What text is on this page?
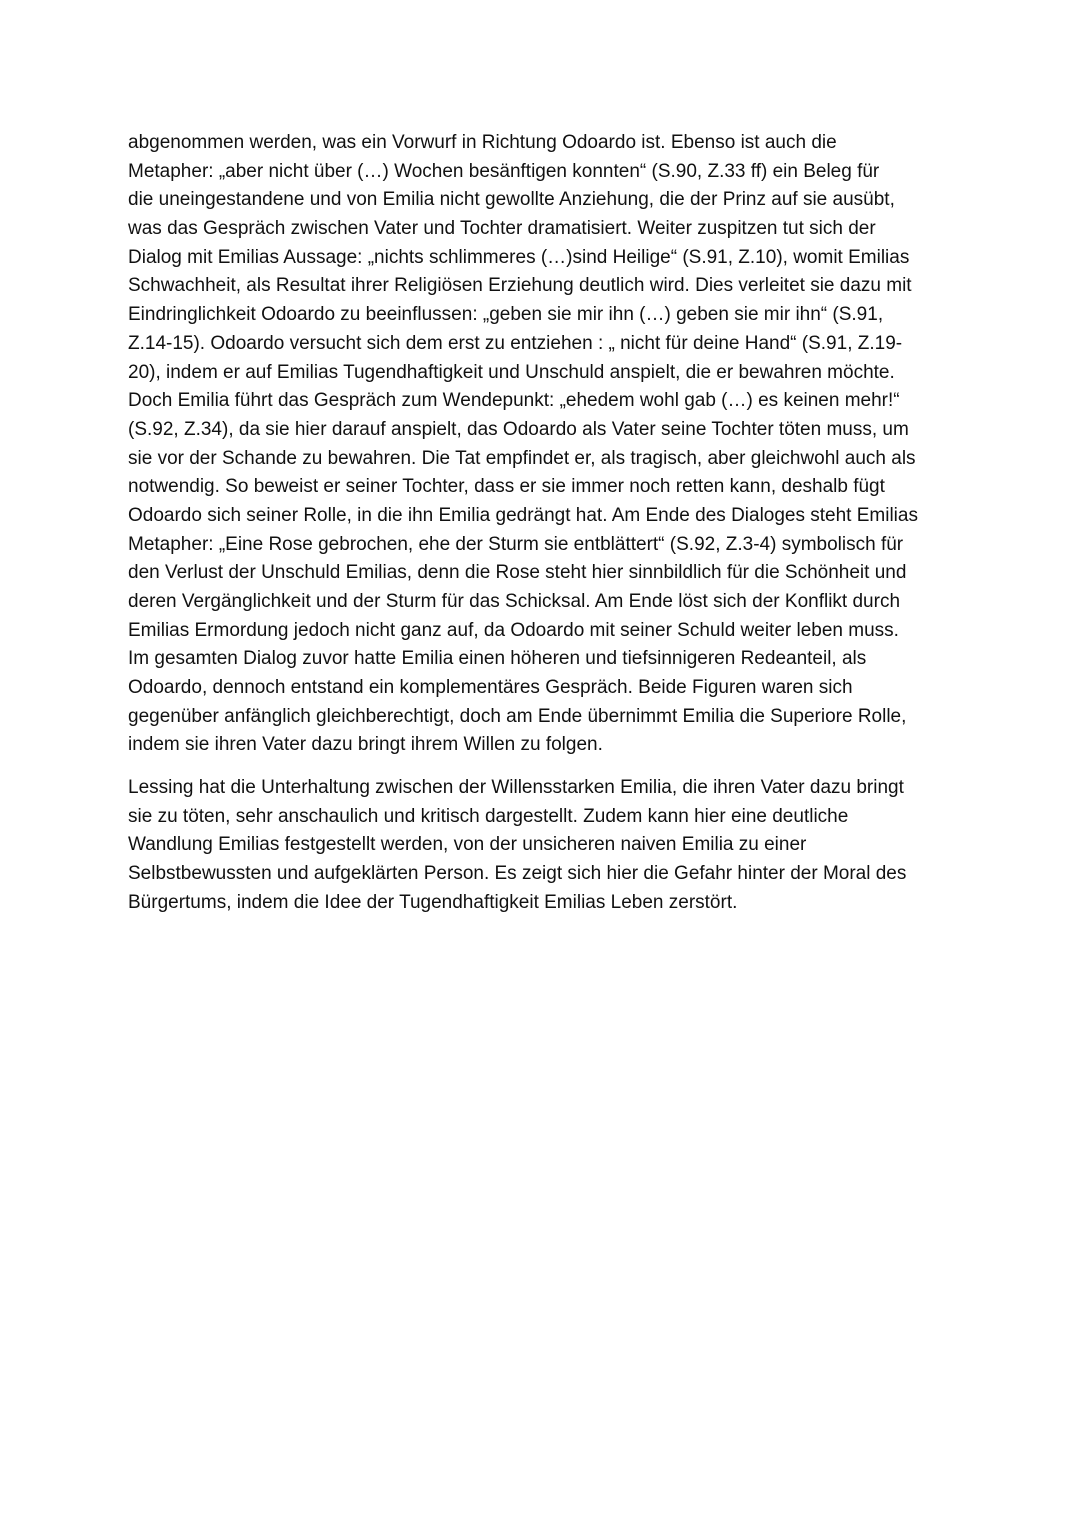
abgenommen werden, was ein Vorwurf in Richtung Odoardo ist. Ebenso ist auch die
Metapher: „aber nicht über (…) Wochen besänftigen konnten“ (S.90, Z.33 ff) ein Beleg für
die uneingestandene und von Emilia nicht gewollte Anziehung, die der Prinz auf sie ausübt,
was das Gespräch zwischen Vater und Tochter dramatisiert. Weiter zuspitzen tut sich der
Dialog mit Emilias Aussage: „nichts schlimmeres (…)sind Heilige“ (S.91, Z.10), womit Emilias
Schwachheit, als Resultat ihrer Religiösen Erziehung deutlich wird. Dies verleitet sie dazu mit
Eindringlichkeit Odoardo zu beeinflussen: „geben sie mir ihn (…) geben sie mir ihn“ (S.91,
Z.14-15). Odoardo versucht sich dem erst zu entziehen : „ nicht für deine Hand“ (S.91, Z.19-
20), indem er auf Emilias Tugendhaftigkeit und Unschuld anspielt, die er bewahren möchte.
Doch Emilia führt das Gespräch zum Wendepunkt: „ehedem wohl gab (…) es keinen mehr!“
(S.92, Z.34), da sie hier darauf anspielt, das Odoardo als Vater seine Tochter töten muss, um
sie vor der Schande zu bewahren. Die Tat empfindet er, als tragisch, aber gleichwohl auch als
notwendig. So beweist er seiner Tochter, dass er sie immer noch retten kann, deshalb fügt
Odoardo sich seiner Rolle, in die ihn Emilia gedrängt hat. Am Ende des Dialoges steht Emilias
Metapher: „Eine Rose gebrochen, ehe der Sturm sie entblättert“ (S.92, Z.3-4) symbolisch für
den Verlust der Unschuld Emilias, denn die Rose steht hier sinnbildlich für die Schönheit und
deren Vergänglichkeit und der Sturm für das Schicksal. Am Ende löst sich der Konflikt durch
Emilias Ermordung jedoch nicht ganz auf, da Odoardo mit seiner Schuld weiter leben muss.
Im gesamten Dialog zuvor hatte Emilia einen höheren und tiefsinnigeren Redeanteil, als
Odoardo, dennoch entstand ein komplementäres Gespräch. Beide Figuren waren sich
gegenüber anfänglich gleichberechtigt, doch am Ende übernimmt Emilia die Superiore Rolle,
indem sie ihren Vater dazu bringt ihrem Willen zu folgen.
Lessing hat die Unterhaltung zwischen der Willensstarken Emilia, die ihren Vater dazu bringt
sie zu töten, sehr anschaulich und kritisch dargestellt. Zudem kann hier eine deutliche
Wandlung Emilias festgestellt werden, von der unsicheren naiven Emilia zu einer
Selbstbewussten und aufgeklärten Person. Es zeigt sich hier die Gefahr hinter der Moral des
Bürgertums, indem die Idee der Tugendhaftigkeit Emilias Leben zerstört.
